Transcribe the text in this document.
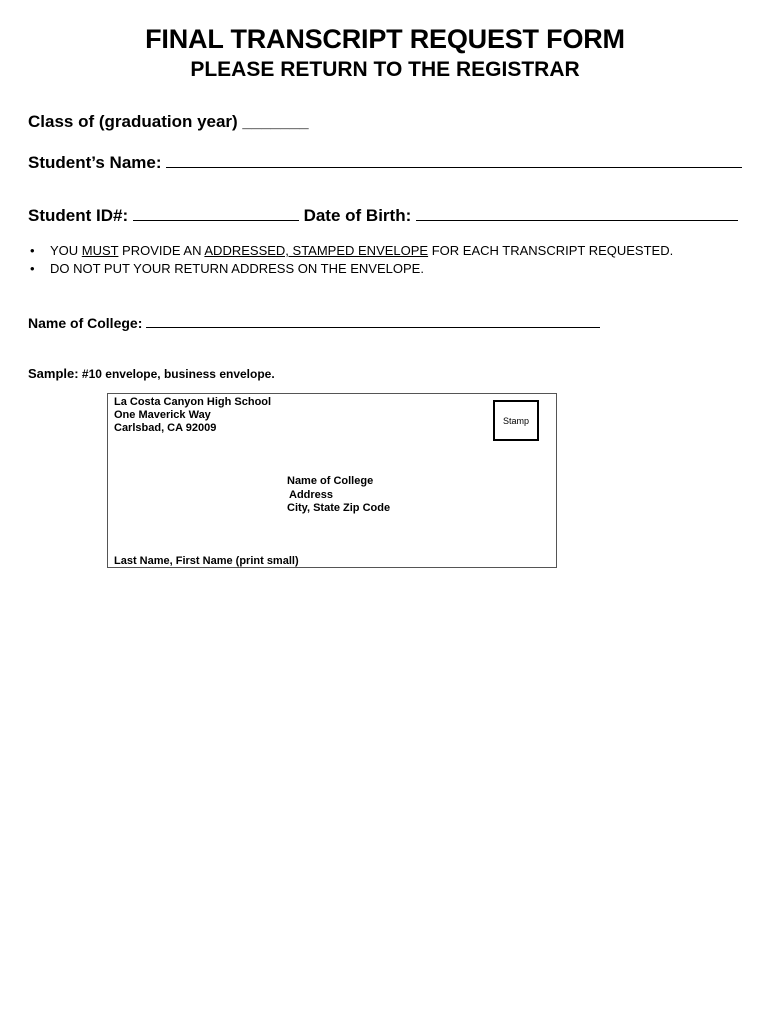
FINAL TRANSCRIPT REQUEST FORM
PLEASE RETURN TO THE REGISTRAR
Class of (graduation year) _______
Student’s Name:
Student ID#:	Date of Birth:
• YOU MUST PROVIDE AN ADDRESSED, STAMPED ENVELOPE FOR EACH TRANSCRIPT REQUESTED.
• DO NOT PUT YOUR RETURN ADDRESS ON THE ENVELOPE.
Name of College:
Sample: #10 envelope, business envelope.
La Costa Canyon High School
One Maverick Way
Carlsbad, CA 92009
Stamp
Name of College
Address
City, State Zip Code
Last Name, First Name (print small)
